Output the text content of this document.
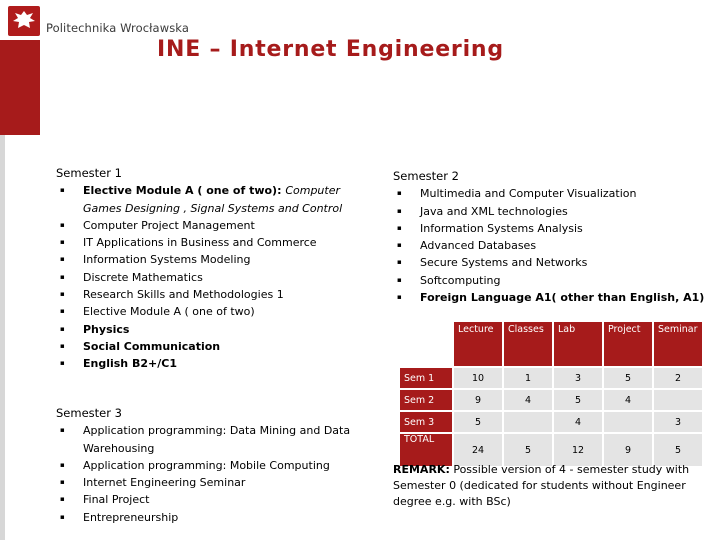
Politechnika Wrocławska
INE – Internet Engineering
Semester 1
▪ Elective Module A ( one of two): Computer Games Designing , Signal Systems and Control
▪ Computer Project Management
▪ IT Applications in Business and Commerce
▪ Information Systems Modeling
▪ Discrete Mathematics
▪ Research Skills and Methodologies 1
▪ Elective Module A ( one of two)
▪ Physics
▪ Social Communication
▪ English B2+/C1
Semester 3
▪ Application programming: Data Mining and Data Warehousing
▪ Application programming: Mobile Computing
▪ Internet Engineering Seminar
▪ Final Project
▪ Entrepreneurship
Semester 2
▪ Multimedia and Computer Visualization
▪ Java and XML technologies
▪ Information Systems Analysis
▪ Advanced Databases
▪ Secure Systems and Networks
▪ Softcomputing
▪ Foreign Language A1( other than English, A1)
	Lecture	Classes	Lab	Project	Seminar
Sem 1	10	1	3	5	2
Sem 2	9	4	5	4	
Sem 3	5		4		3
TOTAL	24	5	12	9	5
REMARK: Possible version of 4 - semester study with Semester 0 (dedicated for students without Engineer degree e.g. with BSc)
